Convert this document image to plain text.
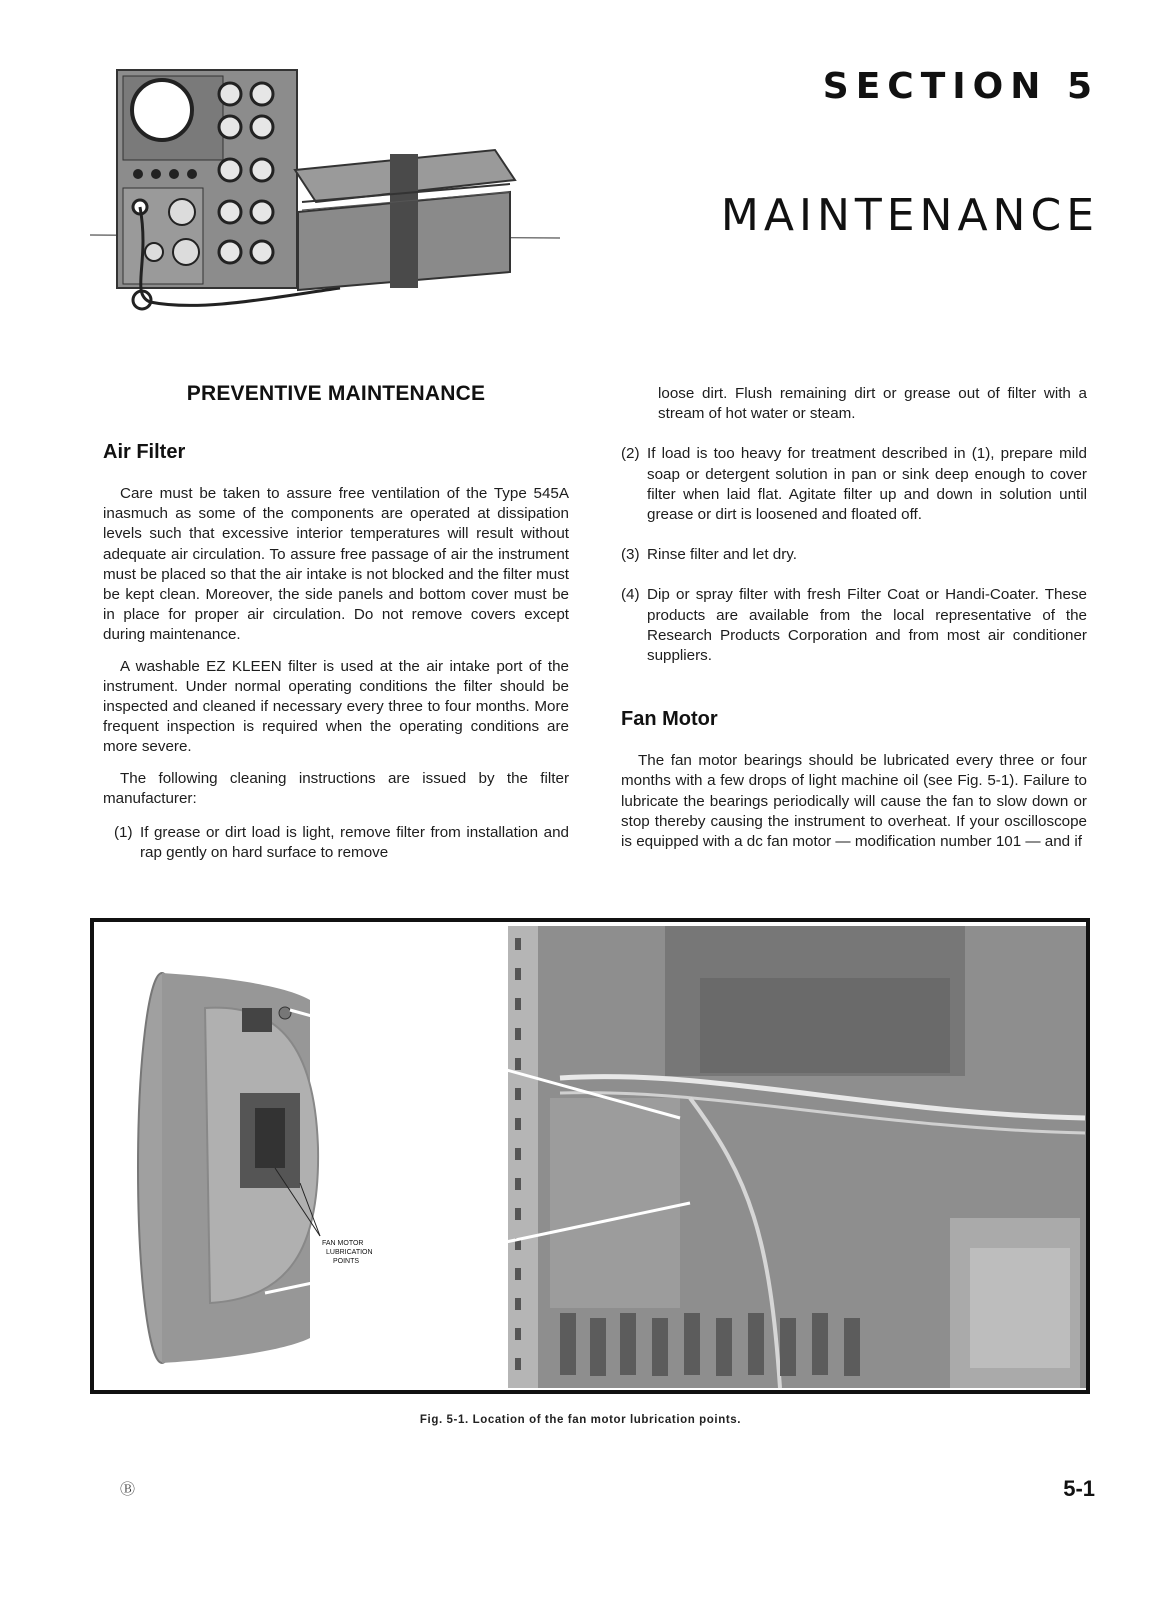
SECTION 5
MAINTENANCE
PREVENTIVE MAINTENANCE
Air Filter

Care must be taken to assure free ventilation of the Type 545A inasmuch as some of the components are operated at dissipation levels such that excessive interior temperatures will result without adequate air circulation. To assure free passage of air the instrument must be placed so that the air intake is not blocked and the filter must be kept clean. Moreover, the side panels and bottom cover must be in place for proper air circulation. Do not remove covers except during maintenance.

A washable EZ KLEEN filter is used at the air intake port of the instrument. Under normal operating conditions the filter should be inspected and cleaned if necessary every three to four months. More frequent inspection is required when the operating conditions are more severe.

The following cleaning instructions are issued by the filter manufacturer:

(1) If grease or dirt load is light, remove filter from installation and rap gently on hard surface to remove

loose dirt. Flush remaining dirt or grease out of filter with a stream of hot water or steam.

(2) If load is too heavy for treatment described in (1), prepare mild soap or detergent solution in pan or sink deep enough to cover filter when laid flat. Agitate filter up and down in solution until grease or dirt is loosened and floated off.
(3) Rinse filter and let dry.
(4) Dip or spray filter with fresh Filter Coat or Handi-Coater. These products are available from the local representative of the Research Products Corporation and from most air conditioner suppliers.
Fan Motor

The fan motor bearings should be lubricated every three or four months with a few drops of light machine oil (see Fig. 5-1). Failure to lubricate the bearings periodically will cause the fan to slow down or stop thereby causing the instrument to overheat. If your oscilloscope is equipped with a dc fan motor — modification number 101 — and if

FAN MOTOR
LUBRICATION
POINTS

Fig. 5-1. Location of the fan motor lubrication points.

Ⓑ	5-1
